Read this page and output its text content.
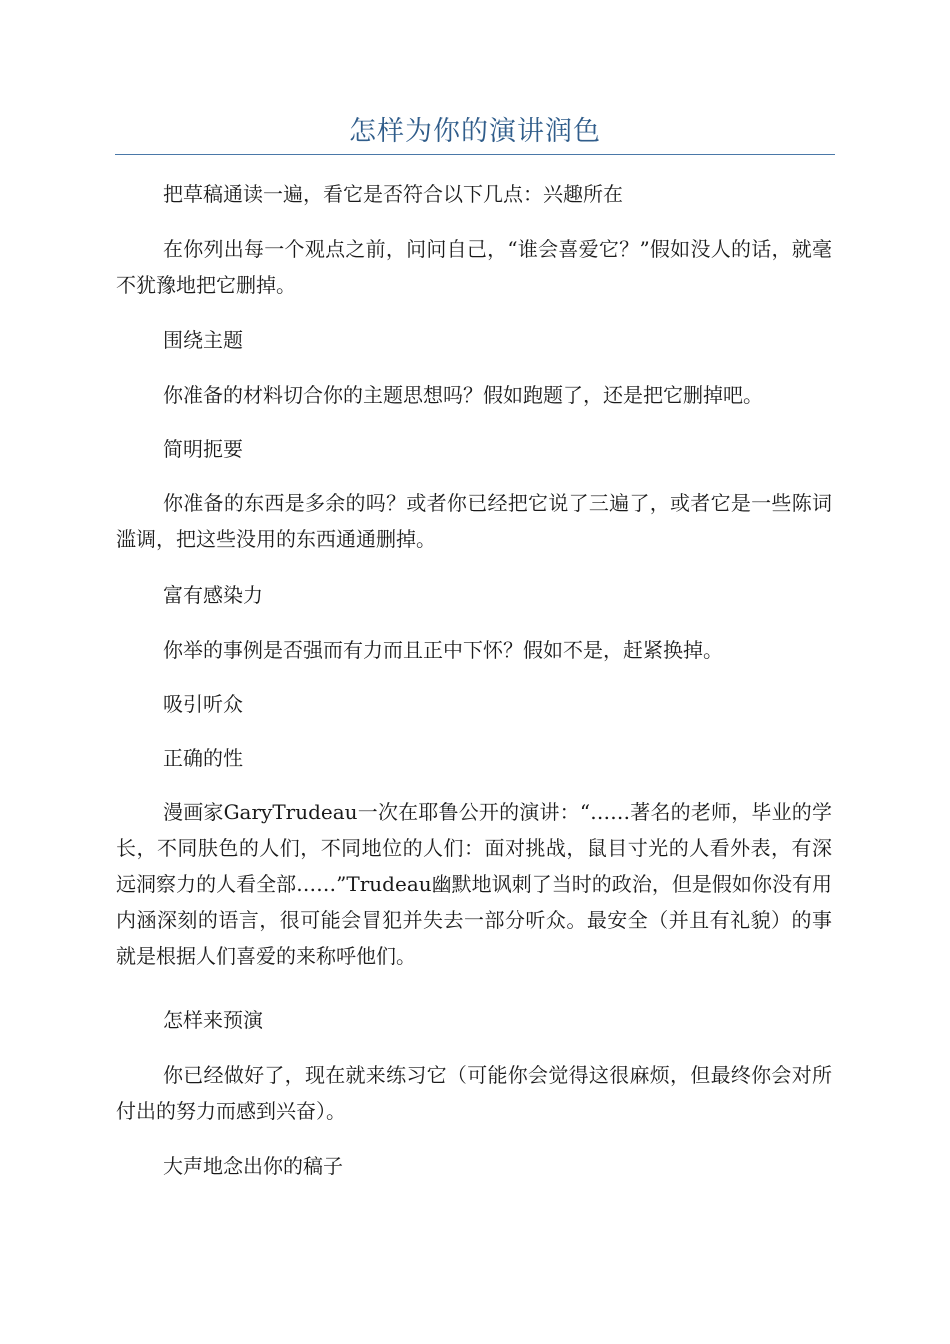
怎样为你的演讲润色

把草稿通读一遍，看它是否符合以下几点：兴趣所在

在你列出每一个观点之前，问问自己，“谁会喜爱它？”假如没人的话，就毫不犹豫地把它删掉。

围绕主题

你准备的材料切合你的主题思想吗？假如跑题了，还是把它删掉吧。

简明扼要

你准备的东西是多余的吗？或者你已经把它说了三遍了，或者它是一些陈词滥调，把这些没用的东西通通删掉。

富有感染力

你举的事例是否强而有力而且正中下怀？假如不是，赶紧换掉。

吸引听众

正确的性

漫画家GaryTrudeau一次在耶鲁公开的演讲：“……著名的老师，毕业的学长，不同肤色的人们，不同地位的人们：面对挑战，鼠目寸光的人看外表，有深远洞察力的人看全部……”Trudeau幽默地讽刺了当时的政治，但是假如你没有用内涵深刻的语言，很可能会冒犯并失去一部分听众。最安全（并且有礼貌）的事就是根据人们喜爱的来称呼他们。

怎样来预演

你已经做好了，现在就来练习它（可能你会觉得这很麻烦，但最终你会对所付出的努力而感到兴奋）。

大声地念出你的稿子
